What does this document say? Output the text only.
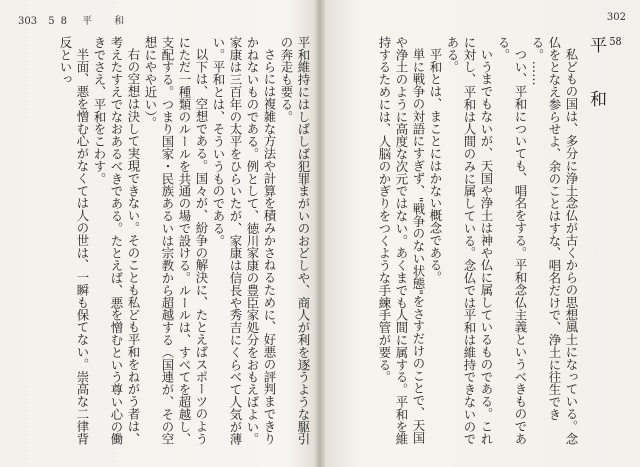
303 58 平　和

平和維持にはしばしば犯罪まがいのおどしや、商人が利を逐うような駆引の奔走も要る。

さらには複雑な方法や計算を積みかさねるために、好悪の評判まできりかねないものである。例として、徳川家康の豊臣家処分をおもえばよい。家康は三百年の太平をひらいたが、家康は信長や秀吉にくらべて人気が薄い。平和とは、そういうものである。

以下は、空想である。国々が、紛争の解決に、たとえばスポーツのようにただ一種類のルールを共通の場で設ける。ルールは、すべてを超越し、支配する。つまり国家・民族あるいは宗教から超越する（国連が、その空想にやや近い）。

右の空想は決して実現できない。そのことも私ども平和をねがう者は、考えたすえでなおあるべきである。たとえば、悪を憎むという尊い心の働きでさえ、平和をこわす。

半面、悪を憎む心がなくては人の世は、一瞬も保てない。崇高な二律背反といっ

302
58
平　和

私どもの国は、多分に浄土念仏が古くからの思想風土になっている。念仏をとなえ参らせよ、余のことはすな、唱名だけで、浄土に往生できる。……

つい、平和についても、唱名をする。平和念仏主義というべきものである。

いうまでもないが、天国や浄土は神や仏に属しているものである。これに対し、平和は人間のみに属している。念仏では平和は維持できないのである。

平和とは、まことにはかない概念である。

単に戦争の対語にすぎず、"戦争のない状態"をさすだけのことで、天国や浄土のように高度な次元ではない。あくまでも人間に属する。平和を維持するためには、人脳のかぎりをつくような手練手管が要る。
